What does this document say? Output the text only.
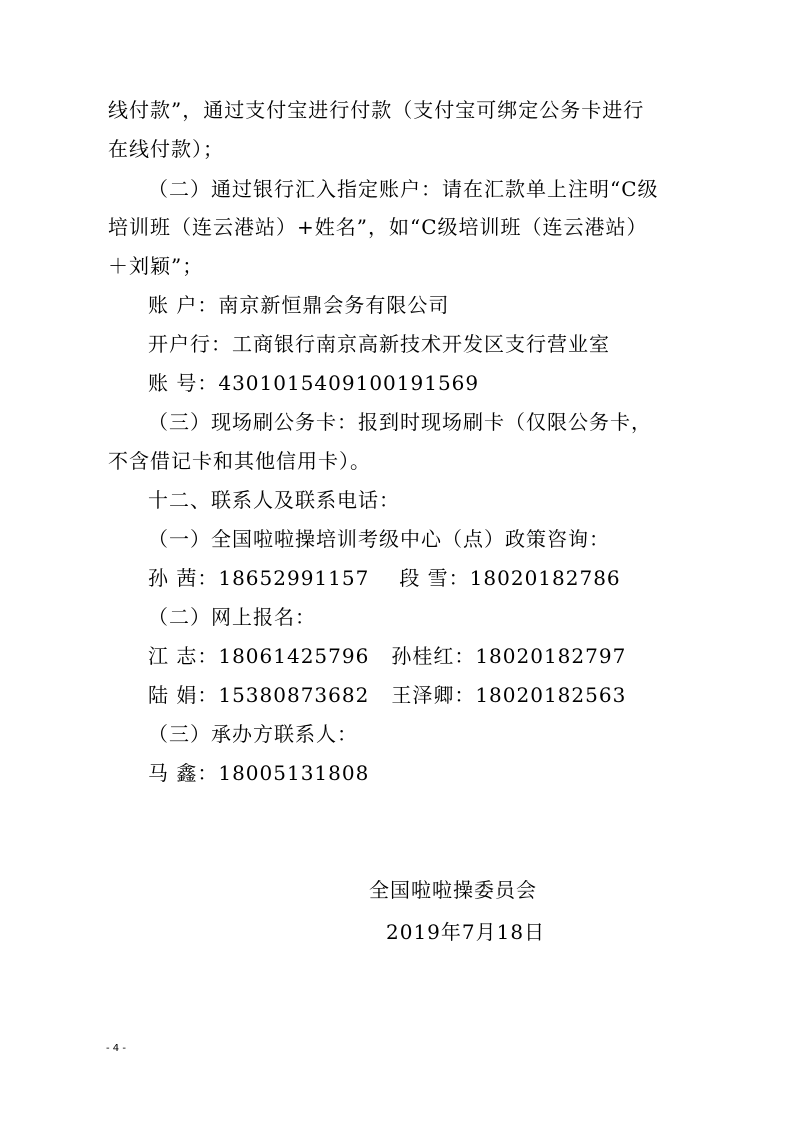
线付款”，通过支付宝进行付款（支付宝可绑定公务卡进行
在线付款）；
（二）通过银行汇入指定账户：请在汇款单上注明“C级
培训班（连云港站）+姓名”，如“C级培训班（连云港站）
＋刘颖”；
账 户：南京新恒鼎会务有限公司
开户行：工商银行南京高新技术开发区支行营业室
账 号：4301015409100191569
（三）现场刷公务卡：报到时现场刷卡（仅限公务卡，
不含借记卡和其他信用卡）。
十二、联系人及联系电话：
（一）全国啦啦操培训考级中心（点）政策咨询：
孙 茜：18652991157 段 雪：18020182786
（二）网上报名：
江 志：18061425796 孙桂红：18020182797
陆 娟：15380873682 王泽卿：18020182563
（三）承办方联系人：
马 鑫：18005131808
全国啦啦操委员会
2019年7月18日
- 4 -
